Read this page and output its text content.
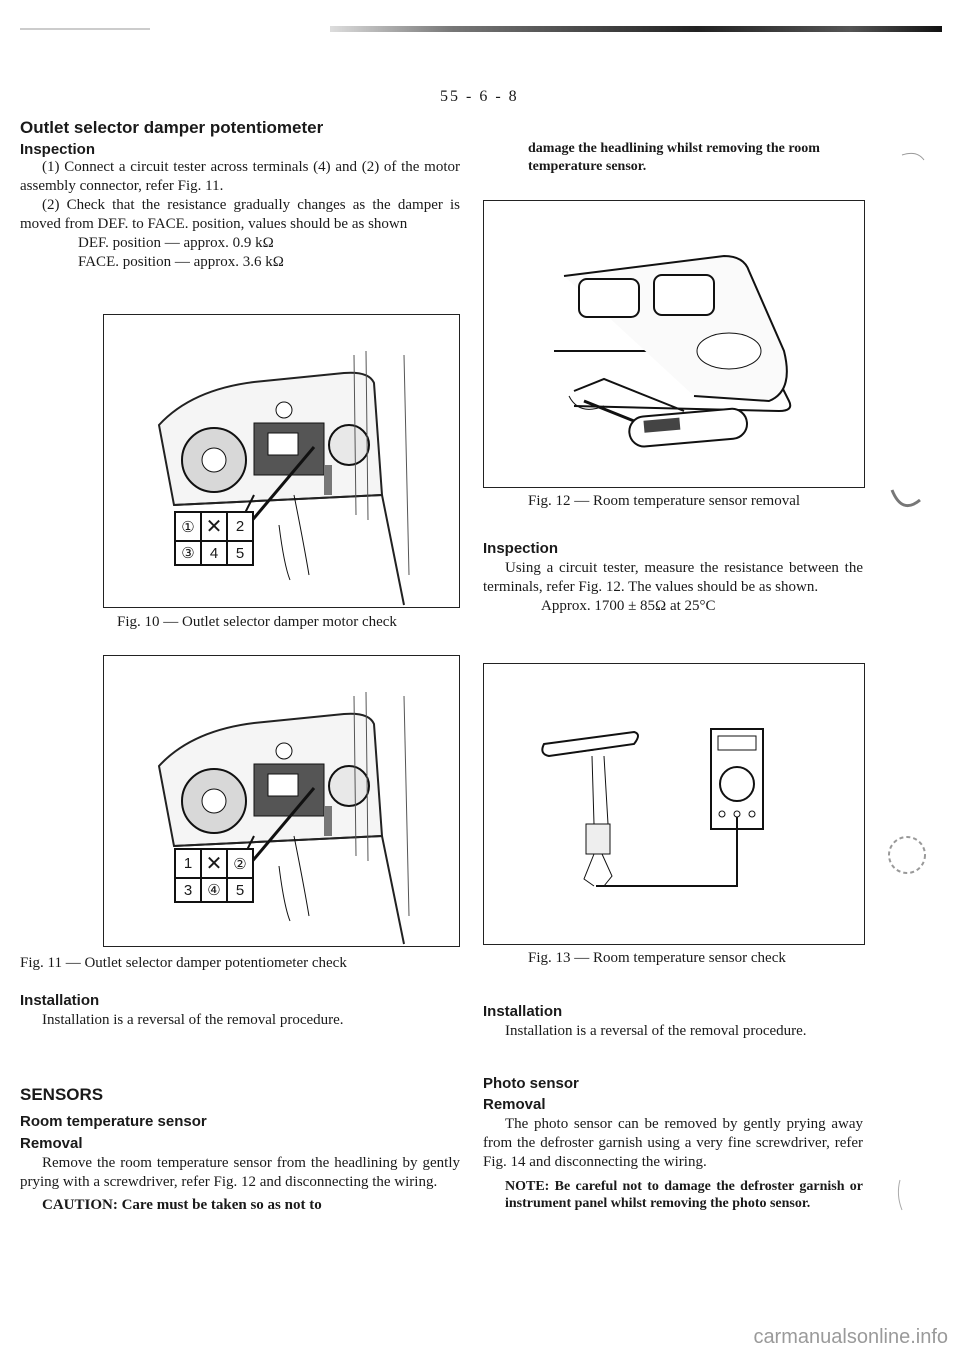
55 - 6 - 8
Outlet selector damper potentiometer
Inspection

(1) Connect a circuit tester across terminals (4) and (2) of the motor assembly connector, refer Fig. 11.

(2) Check that the resistance gradually changes as the damper is moved from DEF. to FACE. position, values should be as shown

DEF. position — approx. 0.9 kΩ
FACE. position — approx. 3.6 kΩ
①	✕	2
③	4	5
Fig. 10 — Outlet selector damper motor check
1	✕	②
3	④	5
Fig. 11 — Outlet selector damper potentiometer check
Installation

Installation is a reversal of the removal procedure.

SENSORS
Room temperature sensor
Removal

Remove the room temperature sensor from the headlining by gently prying with a screwdriver, refer Fig. 12 and disconnecting the wiring.

CAUTION: Care must be taken so as not to

damage the headlining whilst removing the room temperature sensor.

Fig. 12 — Room temperature sensor removal
Inspection

Using a circuit tester, measure the resistance between the terminals, refer Fig. 12. The values should be as shown.

Approx. 1700 ± 85Ω at 25°C
Fig. 13 — Room temperature sensor check
Installation

Installation is a reversal of the removal procedure.

Photo sensor
Removal

The photo sensor can be removed by gently prying away from the defroster garnish using a very fine screwdriver, refer Fig. 14 and disconnecting the wiring.

NOTE: Be careful not to damage the defroster garnish or instrument panel whilst removing the photo sensor.

carmanualsonline.info
